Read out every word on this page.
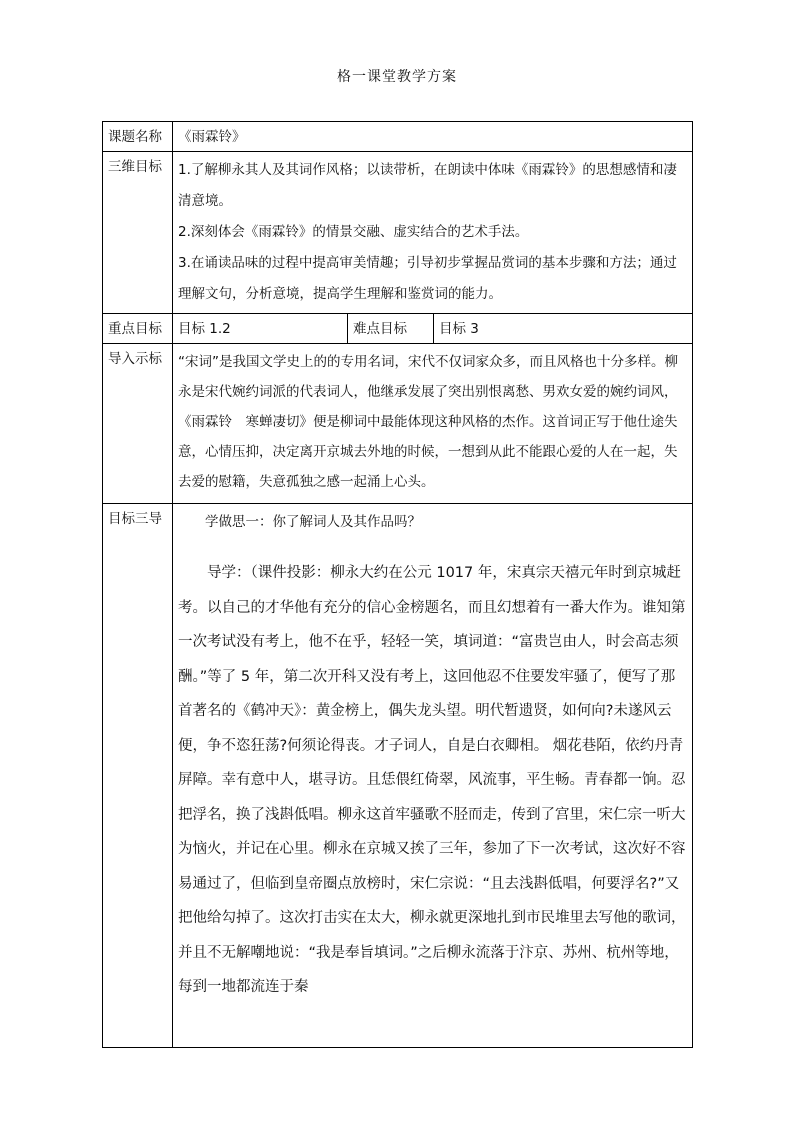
格一课堂教学方案
课题名称	《雨霖铃》		
三维目标	1.了解柳永其人及其词作风格；以读带析，在朗读中体味《雨霖铃》的思想感情和凄清意境。

2.深刻体会《雨霖铃》的情景交融、虚实结合的艺术手法。

3.在诵读品味的过程中提高审美情趣；引导初步掌握品赏词的基本步骤和方法；通过理解文句，分析意境，提高学生理解和鉴赏词的能力。		

重点目标	目标 1.2	难点目标	目标 3
导入示标	“宋词”是我国文学史上的的专用名词，宋代不仅词家众多，而且风格也十分多样。柳永是宋代婉约词派的代表词人，他继承发展了突出别恨离愁、男欢女爱的婉约词风，《雨霖铃　寒蝉凄切》便是柳词中最能体现这种风格的杰作。这首词正写于他仕途失意，心情压抑，决定离开京城去外地的时候，一想到从此不能跟心爱的人在一起，失去爱的慰籍，失意孤独之感一起涌上心头。		

目标三导	学做思一：你了解词人及其作品吗？

导学：（课件投影：柳永大约在公元 1017 年，宋真宗天禧元年时到京城赶考。以自己的才华他有充分的信心金榜题名，而且幻想着有一番大作为。谁知第一次考试没有考上，他不在乎，轻轻一笑，填词道：“富贵岂由人，时会高志须酬。”等了 5 年，第二次开科又没有考上，这回他忍不住要发牢骚了，便写了那首著名的《鹤冲天》：黄金榜上，偶失龙头望。明代暂遗贤，如何向?未遂风云便，争不恣狂荡?何须论得丧。才子词人，自是白衣卿相。 烟花巷陌，依约丹青屏障。幸有意中人，堪寻访。且恁偎红倚翠，风流事，平生畅。青春都一饷。忍把浮名，换了浅斟低唱。柳永这首牢骚歌不胫而走，传到了宫里，宋仁宗一听大为恼火，并记在心里。柳永在京城又挨了三年，参加了下一次考试，这次好不容易通过了，但临到皇帝圈点放榜时，宋仁宗说：“且去浅斟低唱，何要浮名?”又把他给勾掉了。这次打击实在太大，柳永就更深地扎到市民堆里去写他的歌词，并且不无解嘲地说：“我是奉旨填词。”之后柳永流落于汴京、苏州、杭州等地，每到一地都流连于秦		
